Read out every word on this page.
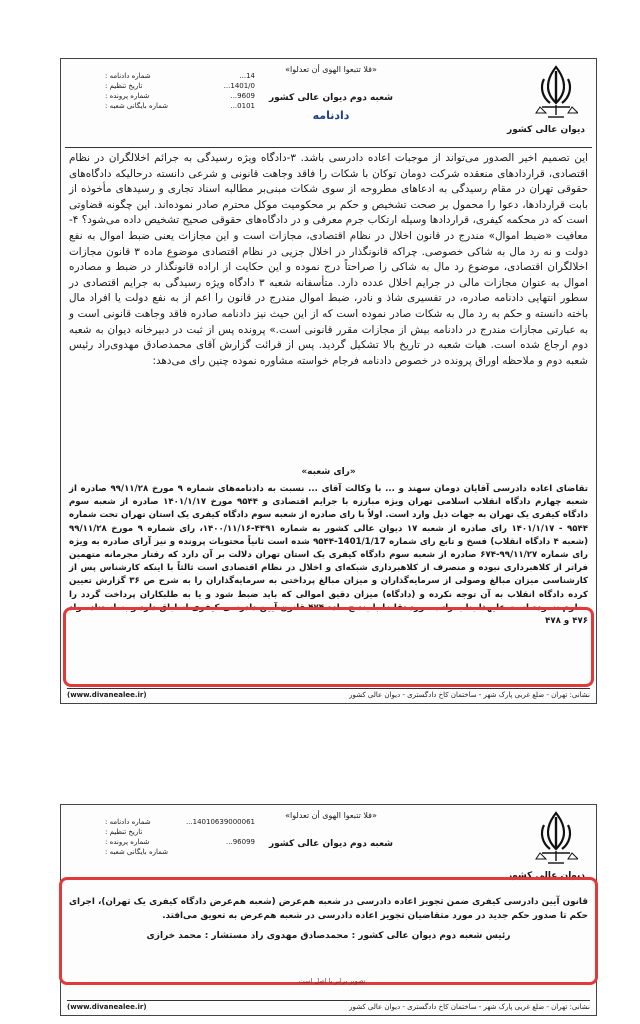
دیوان عالی کشور
«فلا تتبعوا الهوی أن تعدلوا»
شعبه دوم دیوان عالی کشور
دادنامه
شماره دادنامه :	14...
تاریخ تنظیم :	1401/0...
شماره پرونده :	9609...
شماره بایگانی شعبه :	0101...
این تصمیم اخیر الصدور می‌تواند از موجبات اعاده دادرسی باشد. ۳-دادگاه ویژه رسیدگی به جرائم اخلالگران در نظام اقتصادی، قراردادهای منعقده شرکت دومان توکان با شکات را فاقد وجاهت قانونی و شرعی دانسته درحالیکه دادگاه‌های حقوقی تهران در مقام رسیدگی به ادعاهای مطروحه از سوی شکات مبنی‌بر مطالبه اسناد تجاری و رسیدهای مأخوذه از بابت قراردادها، دعوا را محمول بر صحت تشخیص و حکم بر محکومیت موکل محترم صادر نموده‌اند. این چگونه قضاوتی است که در محکمه کیفری، قراردادها وسیله ارتکاب جرم معرفی و در دادگاه‌های حقوقی صحیح تشخیص داده می‌شود؟ ۴-معافیت «ضبط اموال» مندرج در قانون اخلال در نظام اقتصادی، مجازات است و این مجازات یعنی ضبط اموال به نفع دولت و نه رد مال به شاکی خصوصی. چراکه قانونگذار در اخلال جزیی در نظام اقتصادی موضوع ماده ۳ قانون مجازات اخلالگران اقتصادی، موضوع رد مال به شاکی را صراحتاً درج نموده و این حکایت از اراده قانونگذار در ضبط و مصادره اموال به عنوان مجازات مالی در جرایم اخلال عدده دارد. متأسفانه شعبه ۳ دادگاه ویژه رسیدگی به جرایم اقتصادی در سطور انتهایی دادنامه صادره، در تفسیری شاذ و نادر، ضبط اموال مندرج در قانون را اعم از به نفع دولت یا افراد مال باخته دانسته و حکم به رد مال به شکات صادر نموده است که از این حیث نیز دادنامه صادره فاقد وجاهت قانونی است و به عبارتی مجازات مندرج در دادنامه بیش از مجازات مقرر قانونی است.» پرونده پس از ثبت در دبیرخانه دیوان به شعبه دوم ارجاع شده است. هیات شعبه در تاریخ بالا تشکیل گردید. پس از قرائت گزارش آقای محمدصادق مهدوی‌راد رئیس شعبه دوم و ملاحظه اوراق پرونده در خصوص دادنامه فرجام خواسته مشاوره نموده چنین رای می‌دهد:
«رای شعبه»
تقاضای اعاده دادرسی آقایان دومان سهند و ... با وکالت آقای ... نسبت به دادنامه‌های شماره ۹ مورخ ۹۹/۱۱/۲۸ صادره از شعبه چهارم دادگاه انقلاب اسلامی تهران ویژه مبارزه با جرایم اقتصادی و ۹۵۴۴ مورخ ۱۴۰۱/۱/۱۷ صادره از شعبه سوم دادگاه کیفری یک تهران به جهات ذیل وارد است. اولاً با رای صادره از شعبه سوم دادگاه کیفری یک استان تهران تحت شماره ۹۵۴۴ - ۱۴۰۱/۱/۱۷ رای صادره از شعبه ۱۷ دیوان عالی کشور به شماره ۴۴۹۱-۱۴۰۰/۱۱/۱۶، رای شماره ۹ مورخ ۹۹/۱۱/۲۸ (شعبه ۴ دادگاه انقلاب) فسخ و تابع رای شماره 1401/1/17-۹۵۴۴ شده است ثانیاً محتویات پرونده و نیز آرای صادره به ویژه رای شماره ۹۹/۱۱/۲۷-۶۷۴ صادره از شعبه سوم دادگاه کیفری یک استان تهران دلالت بر آن دارد که رفتار مجرمانه متهمین فراتر از کلاهبرداری نبوده و منصرف از کلاهبرداری شبکه‌ای و اخلال در نظام اقتصادی است ثالثاً با اینکه کارشناس پس از کارشناسی میزان مبالغ وصولی از سرمایه‌گذاران و میزان مبالغ پرداختی به سرمایه‌گذاران را به شرح ص ۳۶ گزارش تعیین کرده دادگاه انقلاب به آن توجه نکرده و (دادگاه) میزان دقیق اموالی که باید ضبط شود و یا به طلبکاران پرداخت گردد را معلوم ننموده است علیهذا بنا بمراتب مورد تقاضا با بند ج ماده ۴۷۴ قانون آیین دادرسی کیفری انطباق دارد و به استناد مواد ۴۷۶ و ۴۷۸
نشانی: تهران - ضلع غربی پارک شهر - ساختمان کاخ دادگستری - دیوان عالی کشور
(www.divanealee.ir)
دیوان عالی کشور
«فلا تتبعوا الهوی أن تعدلوا»
شعبه دوم دیوان عالی کشور
شماره دادنامه :	14010639000061...
تاریخ تنظیم :
شماره پرونده :	96099...
شماره بایگانی شعبه :
قانون آیین دادرسی کیفری ضمن تجویز اعاده دادرسی در شعبه هم‌عرض (شعبه هم‌عرض دادگاه کیفری یک تهران)، اجرای حکم تا صدور حکم جدید در مورد متقاضیان تجویز اعاده دادرسی در شعبه هم‌عرض به تعویق می‌افتد.
رئیس شعبه دوم دیوان عالی کشور : محمدصادق مهدوی راد مستشار : محمد خرازی
تصویر برابر با اصل است.
نشانی: تهران - ضلع غربی پارک شهر - ساختمان کاخ دادگستری - دیوان عالی کشور
(www.divanealee.ir)
